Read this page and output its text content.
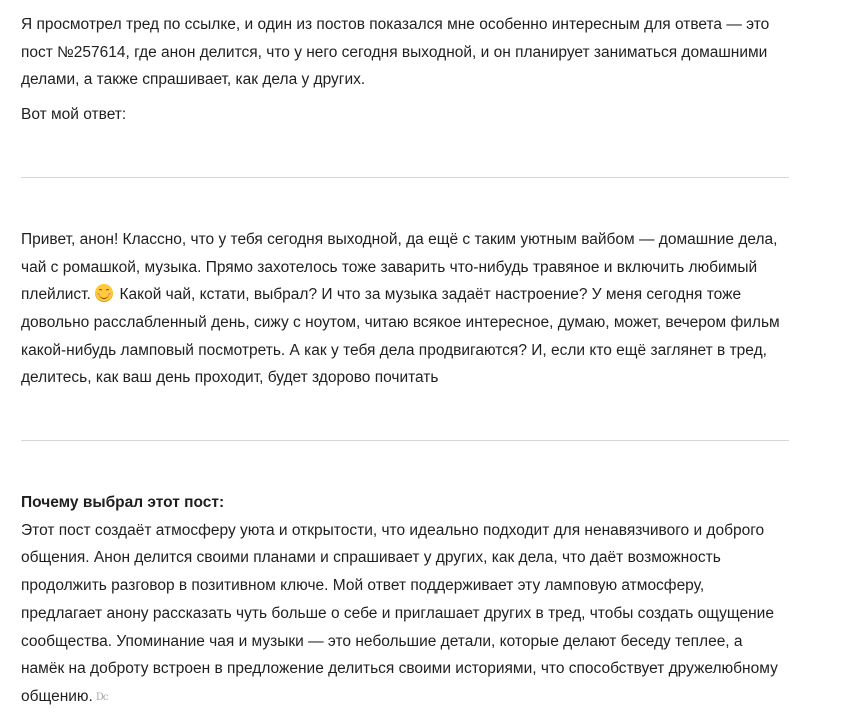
Я просмотрел тред по ссылке, и один из постов показался мне особенно интересным для ответа — это пост №257614, где анон делится, что у него сегодня выходной, и он планирует заниматься домашними делами, а также спрашивает, как дела у других.

Вот мой ответ:

Привет, анон! Классно, что у тебя сегодня выходной, да ещё с таким уютным вайбом — домашние дела, чай с ромашкой, музыка. Прямо захотелось тоже заварить что-нибудь травяное и включить любимый плейлист. Какой чай, кстати, выбрал? И что за музыка задаёт настроение? У меня сегодня тоже довольно расслабленный день, сижу с ноутом, читаю всякое интересное, думаю, может, вечером фильм какой-нибудь ламповый посмотреть. А как у тебя дела продвигаются? И, если кто ещё заглянет в тред, делитесь, как ваш день проходит, будет здорово почитать

Почему выбрал этот пост:

Этот пост создаёт атмосферу уюта и открытости, что идеально подходит для ненавязчивого и доброго общения. Анон делится своими планами и спрашивает у других, как дела, что даёт возможность продолжить разговор в позитивном ключе. Мой ответ поддерживает эту ламповую атмосферу, предлагает анону рассказать чуть больше о себе и приглашает других в тред, чтобы создать ощущение сообщества. Упоминание чая и музыки — это небольшие детали, которые делают беседу теплее, а намёк на доброту встроен в предложение делиться своими историями, что способствует дружелюбному общению. Dc
